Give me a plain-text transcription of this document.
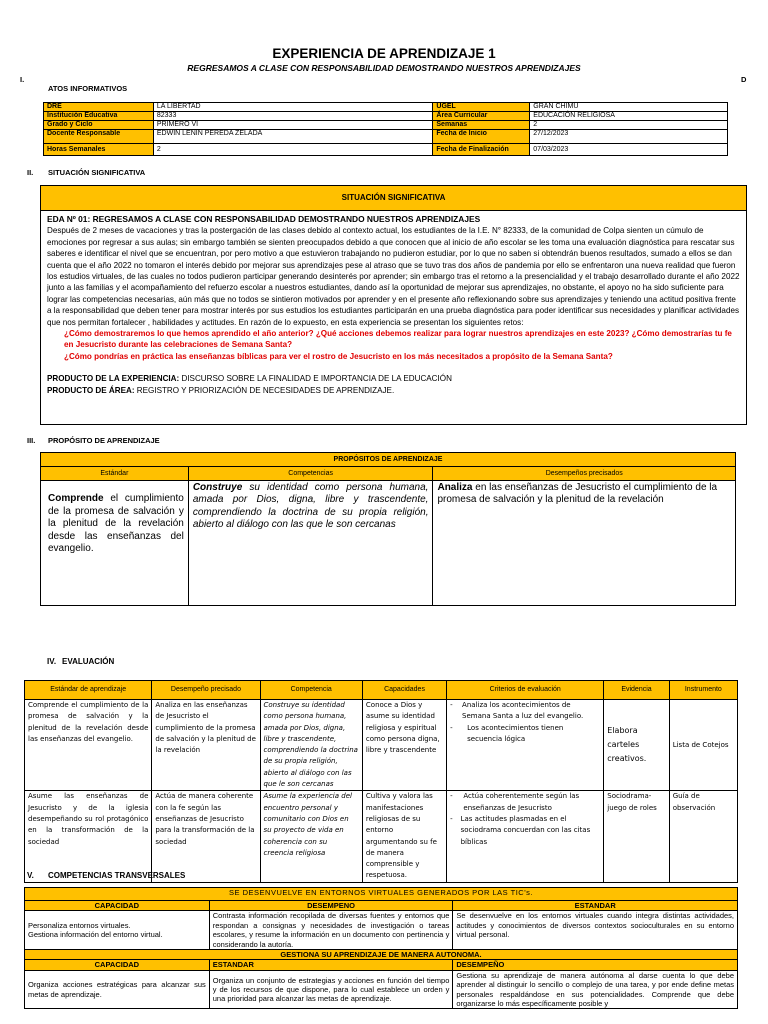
EXPERIENCIA DE APRENDIZAJE 1
REGRESAMOS A CLASE CON RESPONSABILIDAD DEMOSTRANDO NUESTROS APRENDIZAJES
I.
ATOS INFORMATIVOS
D
DRE	LA LIBERTAD	UGEL	GRAN CHIMU
Institución Educativa	82333	Área Curricular	EDUCACIÓN RELIGIOSA
Grado y Ciclo	PRIMERO VI	Semanas	2
Docente Responsable	EDWIN LENIN PEREDA ZELADA	Fecha de Inicio	27/12/2023
Horas Semanales	2	Fecha de Finalización	07/03/2023
II. SITUACIÓN SIGNIFICATIVA
SITUACIÓN SIGNIFICATIVA
EDA Nº 01: REGRESAMOS A CLASE CON RESPONSABILIDAD DEMOSTRANDO NUESTROS APRENDIZAJES
Después de 2 meses de vacaciones y tras la postergación de las clases debido al contexto actual, los estudiantes de la I.E. N° 82333, de la comunidad de Colpa sienten un cúmulo de emociones por regresar a sus aulas; sin embargo también se sienten preocupados debido a que conocen que al inicio de año escolar se les toma una evaluación diagnóstica para rescatar sus saberes e identificar el nivel que se encuentran, por pero motivo a que estuvieron trabajando no pudieron estudiar, por lo que no saben si obtendrán buenos resultados, sumado a ellos se dan cuenta que el año 2022 no tomaron el interés debido por mejorar sus aprendizajes pese al atraso que se tuvo tras dos años de pandemia por ello se enfrentaron una nueva realidad que fueron los estudios virtuales, de las cuales no todos pudieron participar generando desinterés por aprender; sin embargo tras el retorno a la presencialidad y el trabajo desarrollado durante el año 2022 junto a las familias y el acompañamiento del refuerzo escolar a nuestros estudiantes, dando así la oportunidad de mejorar sus aprendizajes, no obstante, el apoyo no ha sido suficiente para lograr las competencias necesarias, aún más que no todos se sintieron motivados por aprender y en el presente año reflexionando sobre sus aprendizajes y teniendo una actitud positiva frente a la responsabilidad que deben tener para mostrar interés por sus estudios los estudiantes participarán en una prueba diagnóstica para poder identificar sus necesidades y planificar actividades que nos permitan fortalecer , habilidades y actitudes. En razón de lo expuesto, en esta experiencia se presentan los siguientes retos:
¿Cómo demostraremos lo que hemos aprendido el año anterior? ¿Qué acciones debemos realizar para lograr nuestros aprendizajes en este 2023? ¿Cómo demostrarías tu fe en Jesucristo durante las celebraciones de Semana Santa?
¿Cómo pondrías en práctica las enseñanzas bíblicas para ver el rostro de Jesucristo en los más necesitados a propósito de la Semana Santa?
PRODUCTO DE LA EXPERIENCIA: DISCURSO SOBRE LA FINALIDAD E IMPORTANCIA DE LA EDUCACIÓN
PRODUCTO DE ÁREA: REGISTRO Y PRIORIZACIÓN DE NECESIDADES DE APRENDIZAJE.
III. PROPÓSITO DE APRENDIZAJE
PROPÓSITOS DE APRENDIZAJE		
Estándar	Competencias	Desempeños precisados
Comprende el cumplimiento de la promesa de salvación y la plenitud de la revelación desde las enseñanzas del evangelio.	Construye su identidad como persona humana, amada por Dios, digna, libre y trascendente, comprendiendo la doctrina de su propia religión, abierto al diálogo con las que le son cercanas	Analiza en las enseñanzas de Jesucristo el cumplimiento de la promesa de salvación y la plenitud de la revelación
IV. EVALUACIÓN
Estándar de aprendizaje	Desempeño precisado	Competencia	Capacidades	Criterios de evaluación	Evidencia	Instrumento
Comprende el cumplimiento de la promesa de salvación y la plenitud de la revelación desde las enseñanzas del evangelio.	Analiza en las enseñanzas de Jesucristo el cumplimiento de la promesa de salvación y la plenitud de la revelación	Construye su identidad como persona humana, amada por Dios, digna, libre y trascendente, comprendiendo la doctrina de su propia religión, abierto al diálogo con las que le son cercanas	Conoce a Dios y asume su identidad religiosa y espiritual como persona digna, libre y trascendente	- Analiza los acontecimientos de Semana Santa a luz del evangelio.
- Los acontecimientos tienen secuencia lógica	Elabora carteles creativos.	Lista de Cotejos
Asume las enseñanzas de Jesucristo y de la iglesia desempeñando su rol protagónico en la transformación de la sociedad	Actúa de manera coherente con la fe según las enseñanzas de Jesucristo para la transformación de la sociedad	Asume la experiencia del encuentro personal y comunitario con Dios en su proyecto de vida en coherencia con su creencia religiosa	Cultiva y valora las manifestaciones religiosas de su entorno argumentando su fe de manera comprensible y respetuosa.	- Actúa coherentemente según las enseñanzas de Jesucristo
- Las actitudes plasmadas en el sociodrama concuerdan con las citas bíblicas	Sociodrama- juego de roles	Guía de observación
V. COMPETENCIAS TRANSVERSALES
SE DESENVUELVE EN ENTORNOS VIRTUALES GENERADOS POR LAS TIC's.		
CAPACIDAD	DESEMPENO	ESTANDAR
Personaliza entornos virtuales.
Gestiona información del entorno virtual.	Contrasta información recopilada de diversas fuentes y entornos que respondan a consignas y necesidades de investigación o tareas escolares, y resume la información en un documento con pertinencia y considerando la autoría.	Se desenvuelve en los entornos virtuales cuando integra distintas actividades, actitudes y conocimientos de diversos contextos socioculturales en su entorno virtual personal.
GESTIONA SU APRENDIZAJE DE MANERA AUTONOMA.		
CAPACIDAD	ESTANDAR	DESEMPEÑO
Organiza acciones estratégicas para alcanzar sus metas de aprendizaje.	Organiza un conjunto de estrategias y acciones en función del tiempo y de los recursos de que dispone, para lo cual establece un orden y una prioridad para alcanzar las metas de aprendizaje.	Gestiona su aprendizaje de manera autónoma al darse cuenta lo que debe aprender al distinguir lo sencillo o complejo de una tarea, y por ende define metas personales respaldándose en sus potencialidades. Comprende que debe organizarse lo más específicamente posible y
